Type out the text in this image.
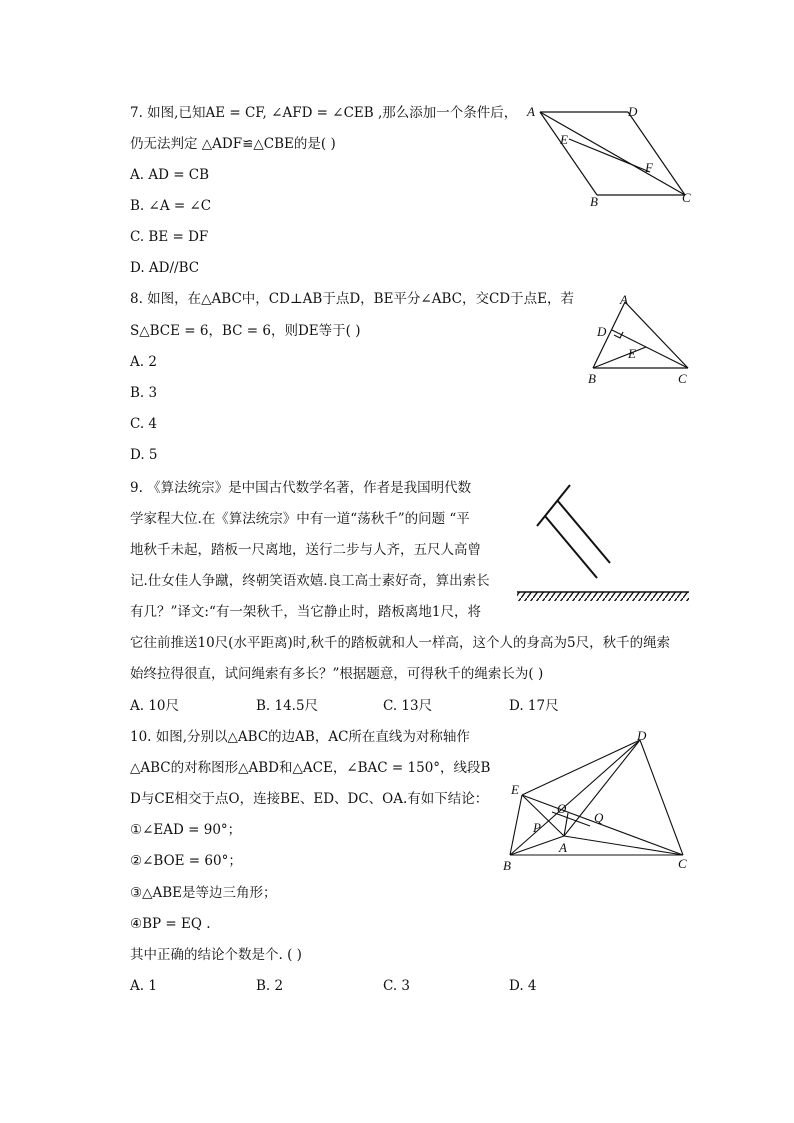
7. 如图,已知AE = CF, ∠AFD = ∠CEB ,那么添加一个条件后，
仍无法判定 △ADF≌△CBE的是( )
A. AD = CB
B. ∠A = ∠C
C. BE = DF
D. AD//BC
A	D
E
F
B	C
8. 如图，在△ABC中，CD⊥AB于点D，BE平分∠ABC，交CD于点E，若
S△BCE = 6，BC = 6，则DE等于( )
A. 2
B. 3
C. 4
D. 5
A
D
E
B	C
9. 《算法统宗》是中国古代数学名著，作者是我国明代数
学家程大位.在《算法统宗》中有一道“荡秋千”的问题 “平
地秋千未起，踏板一尺离地，送行二步与人齐，五尺人高曾
记.仕女佳人争蹴，终朝笑语欢嬉.良工高士素好奇，算出索长
有几？”译文:“有一架秋千，当它静止时，踏板离地1尺，将
它往前推送10尺(水平距离)时,秋千的踏板就和人一样高，这个人的身高为5尺，秋千的绳索
始终拉得很直，试问绳索有多长？”根据题意，可得秋千的绳索长为( )
A. 10尺	B. 14.5尺	C. 13尺	D. 17尺
10. 如图,分别以△ABC的边AB，AC所在直线为对称轴作
△ABC的对称图形△ABD和△ACE，∠BAC = 150°，线段B
D与CE相交于点O，连接BE、ED、DC、OA.有如下结论：
①∠EAD = 90°；
②∠BOE = 60°；
③△ABE是等边三角形；
④BP = EQ .
其中正确的结论个数是个. ( )
A. 1	B. 2	C. 3	D. 4
D
E
O
Q
P
A
B	C
